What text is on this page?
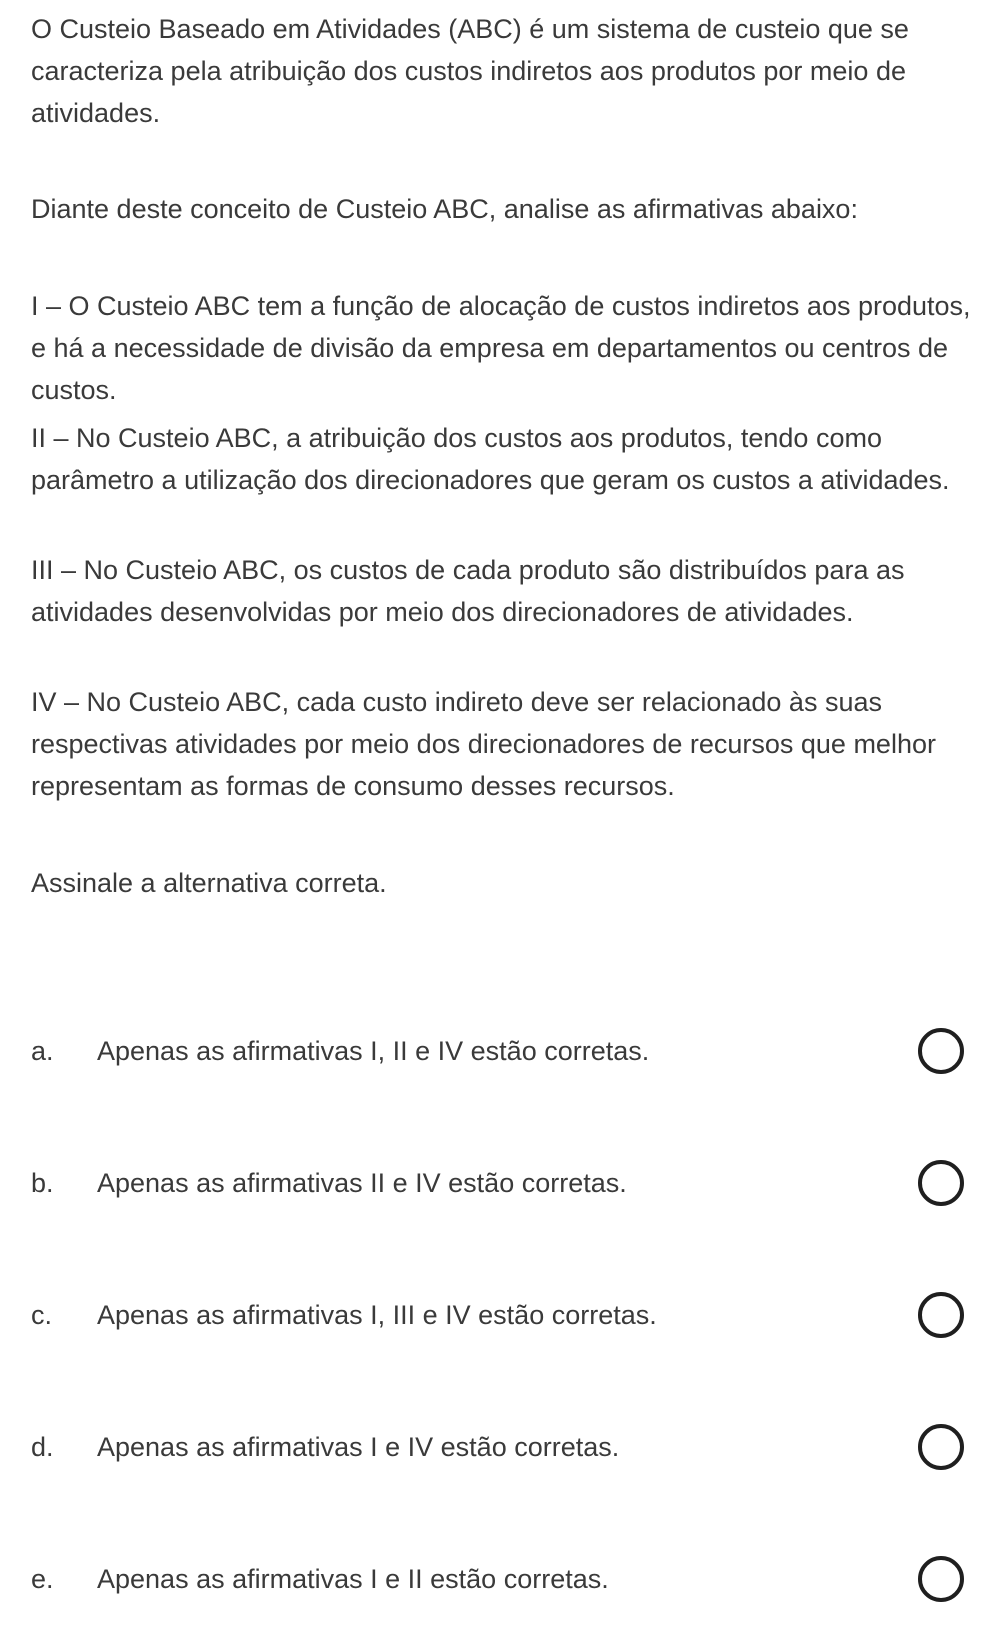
O Custeio Baseado em Atividades (ABC) é um sistema de custeio que se caracteriza pela atribuição dos custos indiretos aos produtos por meio de atividades.

Diante deste conceito de Custeio ABC, analise as afirmativas abaixo:

I – O Custeio ABC tem a função de alocação de custos indiretos aos produtos, e há a necessidade de divisão da empresa em departamentos ou centros de custos.

II – No Custeio ABC, a atribuição dos custos aos produtos, tendo como parâmetro a utilização dos direcionadores que geram os custos a atividades.

III – No Custeio ABC, os custos de cada produto são distribuídos para as atividades desenvolvidas por meio dos direcionadores de atividades.

IV – No Custeio ABC, cada custo indireto deve ser relacionado às suas respectivas atividades por meio dos direcionadores de recursos que melhor representam as formas de consumo desses recursos.

Assinale a alternativa correta.

a. Apenas as afirmativas I, II e IV estão corretas.
b. Apenas as afirmativas II e IV estão corretas.
c. Apenas as afirmativas I, III e IV estão corretas.
d. Apenas as afirmativas I e IV estão corretas.
e. Apenas as afirmativas I e II estão corretas.
